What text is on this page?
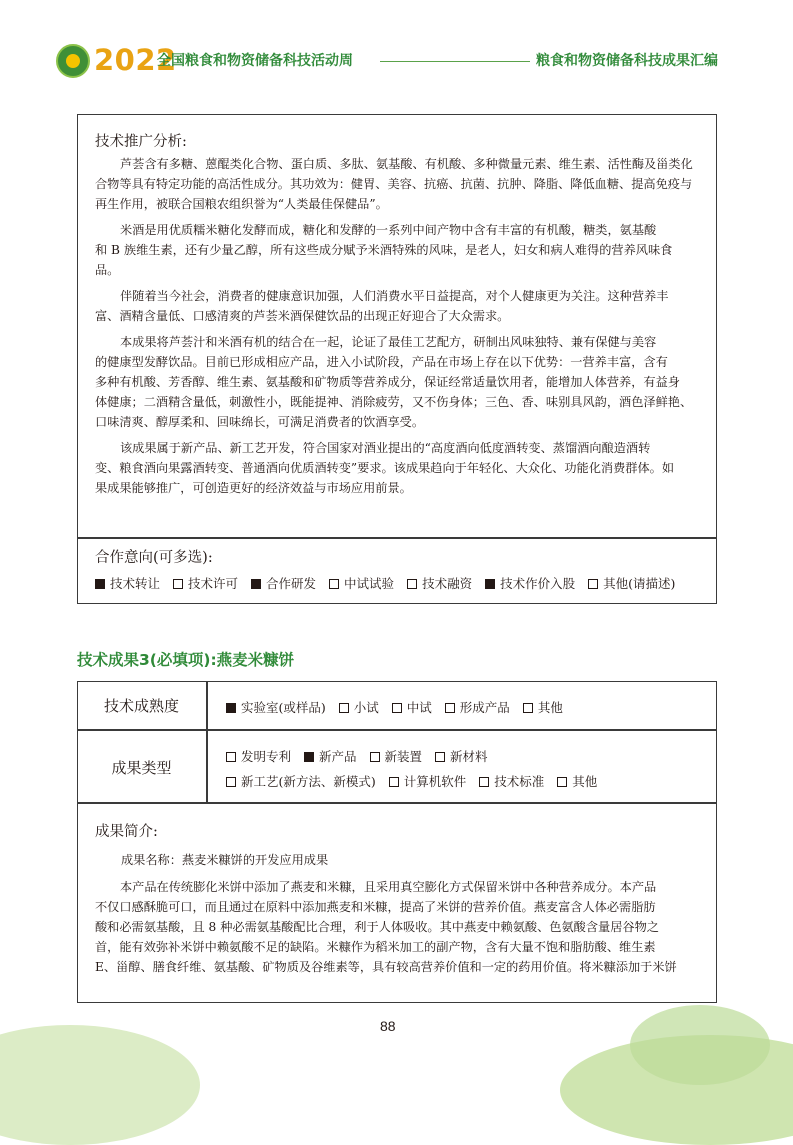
2022
全国粮食和物资储备科技活动周	粮食和物资储备科技成果汇编
技术推广分析:
芦荟含有多糖、蒽醌类化合物、蛋白质、多肽、氨基酸、有机酸、多种微量元素、维生素、活性酶及甾类化
合物等具有特定功能的高活性成分。其功效为：健胃、美容、抗癌、抗菌、抗肿、降脂、降低血糖、提高免疫与
再生作用，被联合国粮农组织誉为“人类最佳保健品”。
米酒是用优质糯米糖化发酵而成，糖化和发酵的一系列中间产物中含有丰富的有机酸，糖类，氨基酸
和 B 族维生素，还有少量乙醇，所有这些成分赋予米酒特殊的风味，是老人，妇女和病人难得的营养风味食
品。
伴随着当今社会，消费者的健康意识加强，人们消费水平日益提高，对个人健康更为关注。这种营养丰
富、酒精含量低、口感清爽的芦荟米酒保健饮品的出现正好迎合了大众需求。
本成果将芦荟汁和米酒有机的结合在一起，论证了最佳工艺配方，研制出风味独特、兼有保健与美容
的健康型发酵饮品。目前已形成相应产品，进入小试阶段，产品在市场上存在以下优势：一营养丰富，含有
多种有机酸、芳香醇、维生素、氨基酸和矿物质等营养成分，保证经常适量饮用者，能增加人体营养，有益身
体健康；二酒精含量低，刺激性小，既能提神、消除疲劳，又不伤身体；三色、香、味别具风韵，酒色泽鲜艳、
口味清爽、醇厚柔和、回味绵长，可满足消费者的饮酒享受。
该成果属于新产品、新工艺开发，符合国家对酒业提出的“高度酒向低度酒转变、蒸馏酒向酿造酒转
变、粮食酒向果露酒转变、普通酒向优质酒转变”要求。该成果趋向于年轻化、大众化、功能化消费群体。如
果成果能够推广，可创造更好的经济效益与市场应用前景。
合作意向(可多选):
技术转让 技术许可 合作研发 中试试验 技术融资 技术作价入股 其他(请描述)
技术成果3(必填项):燕麦米糠饼
技术成熟度	实验室(或样品) 小试 中试 形成产品 其他
成果类型
发明专利 新产品 新装置 新材料
新工艺(新方法、新模式) 计算机软件 技术标准 其他
成果简介:
成果名称：燕麦米糠饼的开发应用成果
本产品在传统膨化米饼中添加了燕麦和米糠，且采用真空膨化方式保留米饼中各种营养成分。本产品
不仅口感酥脆可口，而且通过在原料中添加燕麦和米糠，提高了米饼的营养价值。燕麦富含人体必需脂肪
酸和必需氨基酸，且 8 种必需氨基酸配比合理，利于人体吸收。其中燕麦中赖氨酸、色氨酸含量居谷物之
首，能有效弥补米饼中赖氨酸不足的缺陷。米糠作为稻米加工的副产物，含有大量不饱和脂肪酸、维生素
E、甾醇、膳食纤维、氨基酸、矿物质及谷维素等，具有较高营养价值和一定的药用价值。将米糠添加于米饼
88
